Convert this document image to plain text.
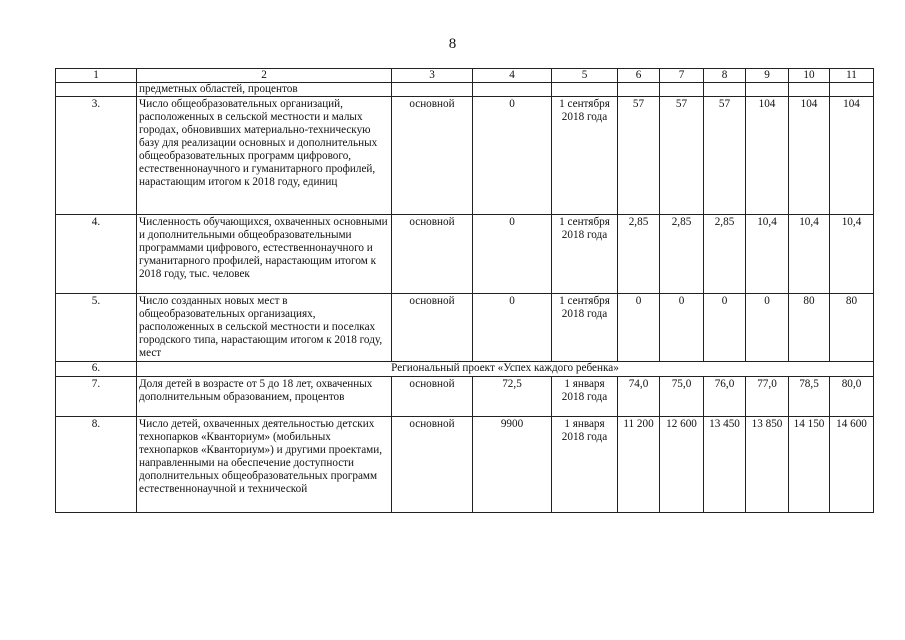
8
1	2	3	4	5	6	7	8	9	10	11
	предметных областей, процентов									
3.	Число общеобразовательных организаций, расположенных в сельской местности и малых городах, обновивших материально-техническую базу для реализации основных и дополнительных общеобразовательных программ цифрового, естественнонаучного и гуманитарного профилей, нарастающим итогом к 2018 году, единиц	основной	0	1 сентября 2018 года	57	57	57	104	104	104
4.	Численность обучающихся, охваченных основными и дополнительными общеобразовательными программами цифрового, естественнонаучного и гуманитарного профилей, нарастающим итогом к 2018 году, тыс. человек	основной	0	1 сентября 2018 года	2,85	2,85	2,85	10,4	10,4	10,4
5.	Число созданных новых мест в общеобразовательных организациях, расположенных в сельской местности и поселках городского типа, нарастающим итогом к 2018 году, мест	основной	0	1 сентября 2018 года	0	0	0	0	80	80
6.	Региональный проект «Успех каждого ребенка»									
7.	Доля детей в возрасте от 5 до 18 лет, охваченных дополнительным образованием, процентов	основной	72,5	1 января 2018 года	74,0	75,0	76,0	77,0	78,5	80,0
8.	Число детей, охваченных деятельностью детских технопарков «Кванториум» (мобильных технопарков «Кванториум») и другими проектами, направленными на обеспечение доступности дополнительных общеобразовательных программ естественнонаучной и технической	основной	9900	1 января 2018 года	11 200	12 600	13 450	13 850	14 150	14 600
